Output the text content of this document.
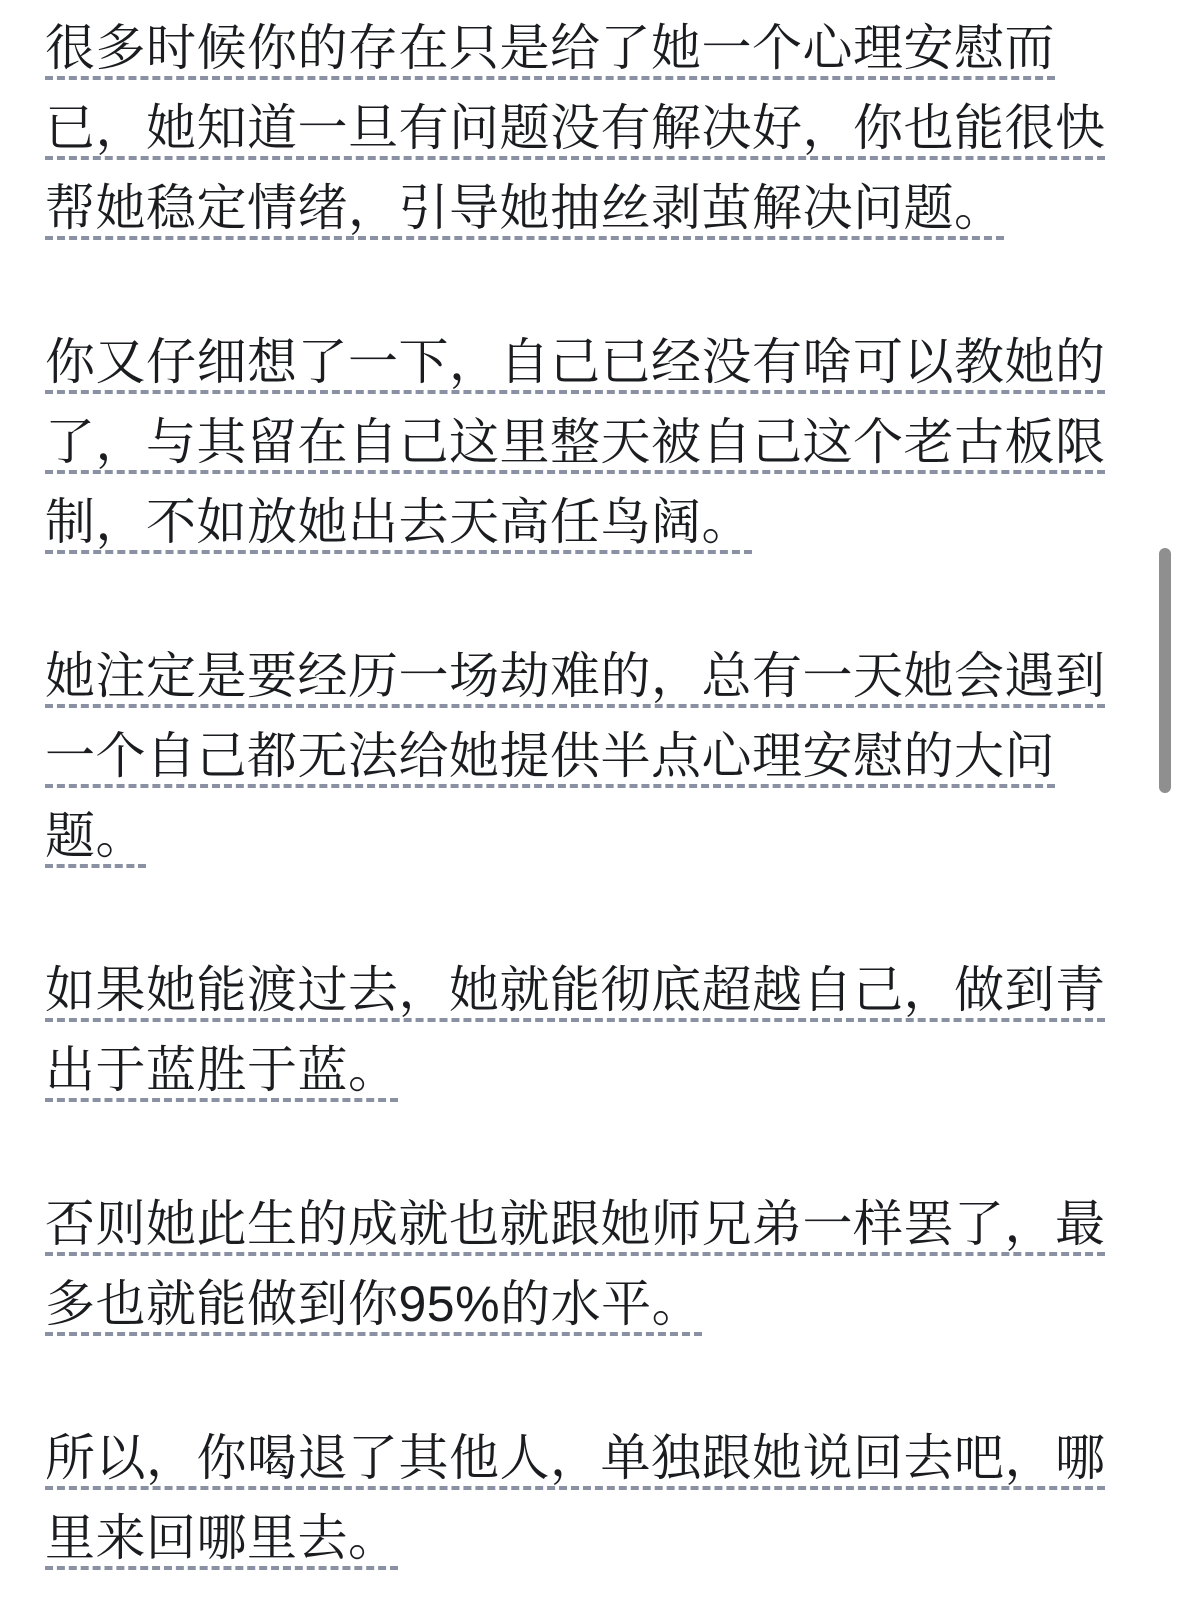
很多时候你的存在只是给了她一个心理安慰而
已，她知道一旦有问题没有解决好，你也能很快
帮她稳定情绪，引导她抽丝剥茧解决问题。
你又仔细想了一下，自己已经没有啥可以教她的
了，与其留在自己这里整天被自己这个老古板限
制，不如放她出去天高任鸟阔。
她注定是要经历一场劫难的，总有一天她会遇到
一个自己都无法给她提供半点心理安慰的大问
题。
如果她能渡过去，她就能彻底超越自己，做到青
出于蓝胜于蓝。
否则她此生的成就也就跟她师兄弟一样罢了，最
多也就能做到你95%的水平。
所以，你喝退了其他人，单独跟她说回去吧，哪
里来回哪里去。
